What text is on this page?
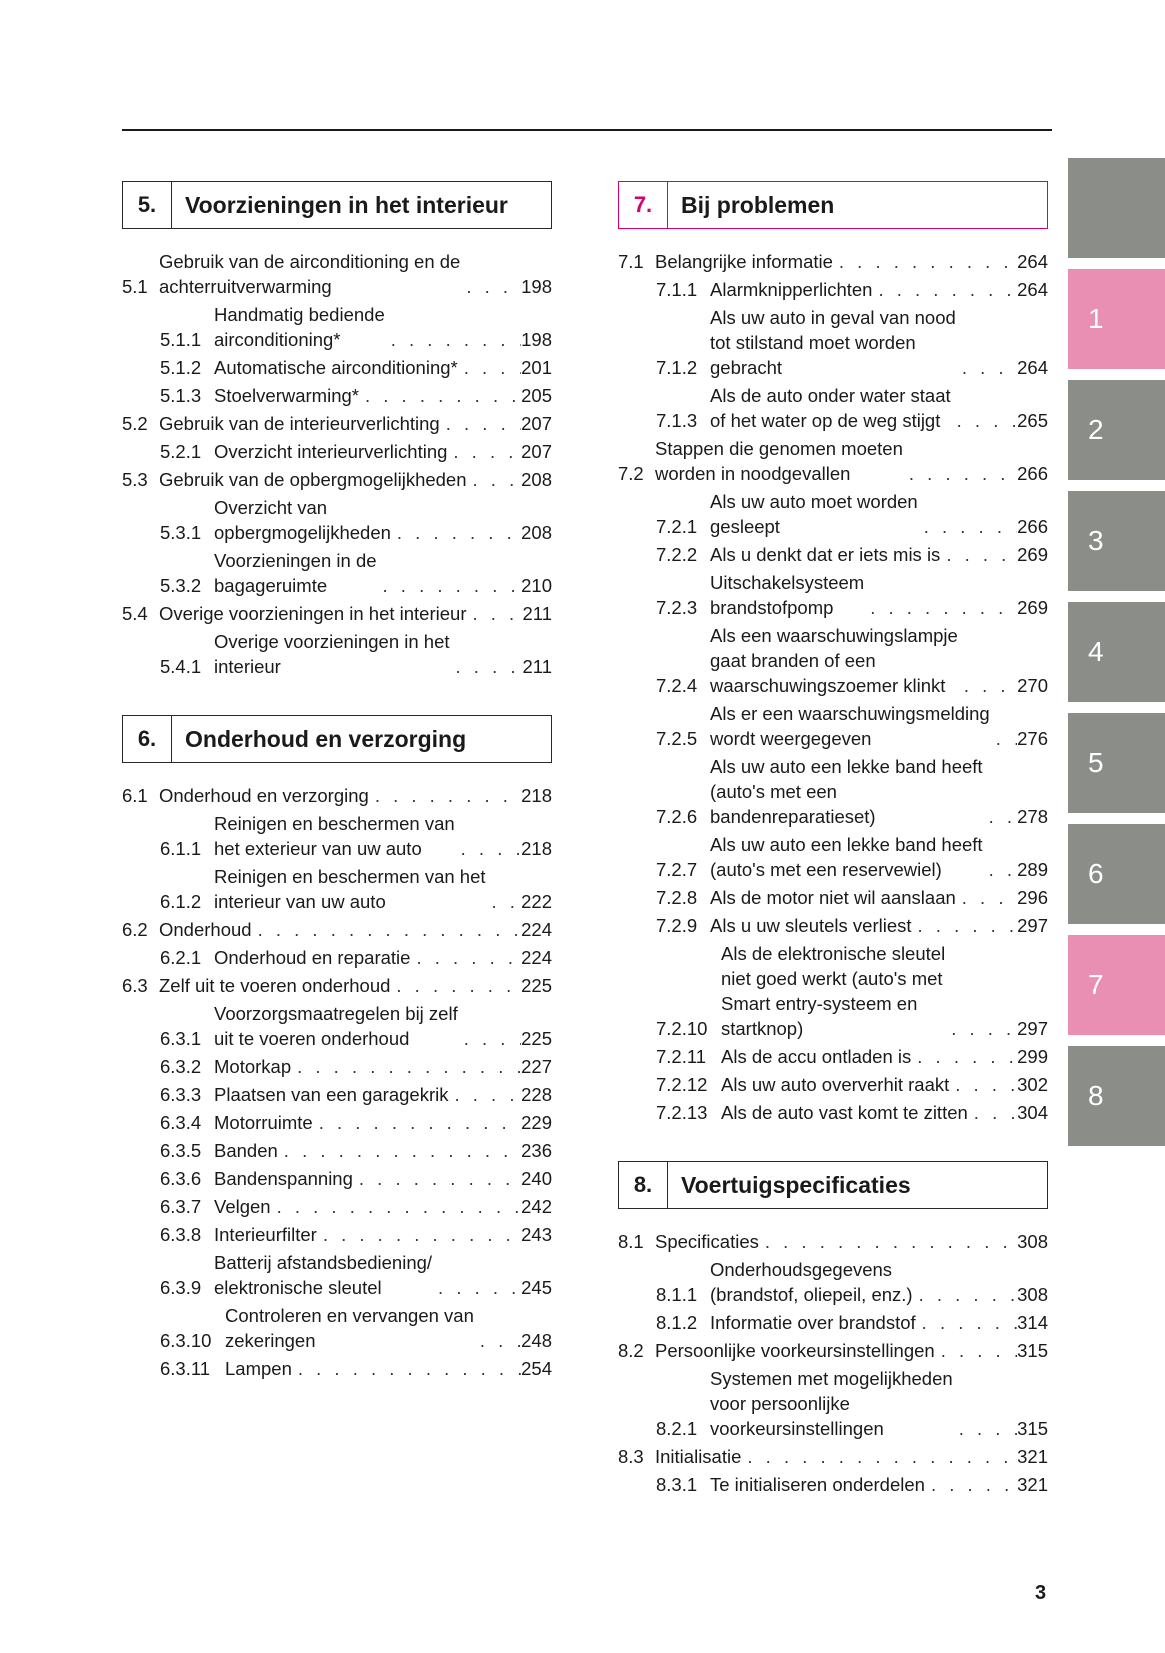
5.	Voorzieningen in het interieur
5.1
Gebruik van de airconditioning en de
achterruitverwarming . . .	198
5.1.1
Handmatig bediende
airconditioning* . . .	198
5.1.2 Automatische airconditioning* . . .	201
5.1.3 Stoelverwarming* . . .	205
5.2 Gebruik van de interieurverlichting . . .	207
5.2.1 Overzicht interieurverlichting . . .	207
5.3 Gebruik van de opbergmogelijkheden . . .	208
5.3.1
Overzicht van
opbergmogelijkheden . . .	208
5.3.2
Voorzieningen in de
bagageruimte . . .	210
5.4 Overige voorzieningen in het interieur . . .	211
5.4.1
Overige voorzieningen in het
interieur . . .	211
6.	Onderhoud en verzorging
6.1 Onderhoud en verzorging . . .	218
6.1.1
Reinigen en beschermen van
het exterieur van uw auto . . .	218
6.1.2
Reinigen en beschermen van het
interieur van uw auto . . .	222
6.2 Onderhoud . . .	224
6.2.1 Onderhoud en reparatie . . .	224
6.3 Zelf uit te voeren onderhoud . . .	225
6.3.1
Voorzorgsmaatregelen bij zelf
uit te voeren onderhoud . . .	225
6.3.2 Motorkap . . .	227
6.3.3 Plaatsen van een garagekrik . . .	228
6.3.4 Motorruimte . . .	229
6.3.5 Banden . . .	236
6.3.6 Bandenspanning . . .	240
6.3.7 Velgen . . .	242
6.3.8 Interieurfilter . . .	243
6.3.9
Batterij afstandsbediening/
elektronische sleutel . . .	245
6.3.10
Controleren en vervangen van
zekeringen . . .	248
6.3.11 Lampen . . .	254
7.	Bij problemen
7.1 Belangrijke informatie . . .	264
7.1.1 Alarmknipperlichten . . .	264
7.1.2
Als uw auto in geval van nood
tot stilstand moet worden
gebracht . . .	264
7.1.3
Als de auto onder water staat
of het water op de weg stijgt . . .	265
7.2
Stappen die genomen moeten
worden in noodgevallen . . .	266
7.2.1
Als uw auto moet worden
gesleept . . .	266
7.2.2 Als u denkt dat er iets mis is . . .	269
7.2.3
Uitschakelsysteem
brandstofpomp . . .	269
7.2.4
Als een waarschuwingslampje
gaat branden of een
waarschuwingszoemer klinkt . . .	270
7.2.5
Als er een waarschuwingsmelding
wordt weergegeven . . .	276
7.2.6
Als uw auto een lekke band heeft
(auto's met een
bandenreparatieset) . . .	278
7.2.7
Als uw auto een lekke band heeft
(auto's met een reservewiel) . . .	289
7.2.8 Als de motor niet wil aanslaan . . .	296
7.2.9 Als u uw sleutels verliest . . .	297
7.2.10
Als de elektronische sleutel
niet goed werkt (auto's met
Smart entry-systeem en
startknop) . . .	297
7.2.11 Als de accu ontladen is . . .	299
7.2.12 Als uw auto oververhit raakt . . .	302
7.2.13 Als de auto vast komt te zitten . . .	304
8.	Voertuigspecificaties
8.1 Specificaties . . .	308
8.1.1
Onderhoudsgegevens
(brandstof, oliepeil, enz.) . . .	308
8.1.2 Informatie over brandstof . . .	314
8.2 Persoonlijke voorkeursinstellingen . . .	315
8.2.1
Systemen met mogelijkheden
voor persoonlijke
voorkeursinstellingen . . .	315
8.3 Initialisatie . . .	321
8.3.1 Te initialiseren onderdelen . . .	321
1
2
3
4
5
6
7
8
3
